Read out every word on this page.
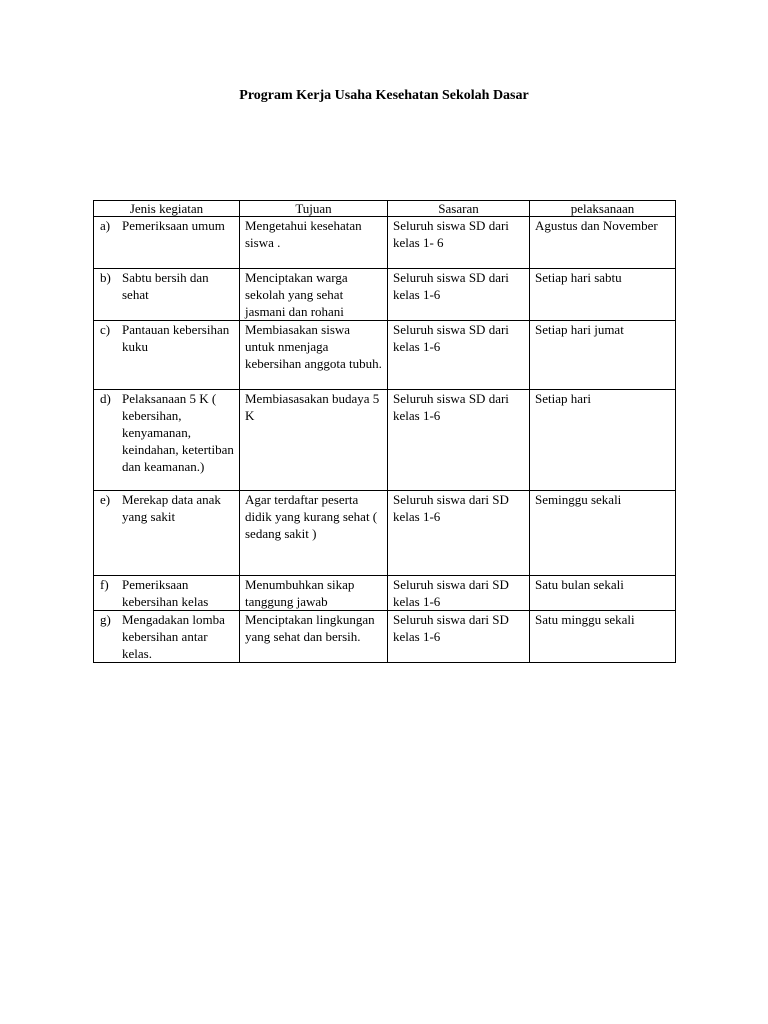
Program Kerja Usaha Kesehatan Sekolah Dasar
Jenis kegiatan	Tujuan	Sasaran	pelaksanaan

a) Pemeriksaan umum	Mengetahui kesehatan siswa .	Seluruh siswa SD dari kelas 1- 6	Agustus dan November

b) Sabtu bersih dan sehat	Menciptakan warga sekolah yang sehat jasmani dan rohani	Seluruh siswa SD dari kelas 1-6	Setiap hari sabtu

c) Pantauan kebersihan kuku	Membiasakan siswa untuk nmenjaga kebersihan anggota tubuh.	Seluruh siswa SD dari kelas 1-6	Setiap hari jumat

d) Pelaksanaan 5 K ( kebersihan, kenyamanan, keindahan, ketertiban dan keamanan.)	Membiasasakan budaya 5 K	Seluruh siswa SD dari kelas 1-6	Setiap hari

e) Merekap data anak yang sakit	Agar terdaftar peserta didik yang kurang sehat ( sedang sakit )	Seluruh siswa dari SD kelas 1-6	Seminggu sekali

f) Pemeriksaan kebersihan kelas	Menumbuhkan sikap tanggung jawab	Seluruh siswa dari SD kelas 1-6	Satu bulan sekali

g) Mengadakan lomba kebersihan antar kelas.	Menciptakan lingkungan yang sehat dan bersih.	Seluruh siswa dari SD kelas 1-6	Satu minggu sekali
